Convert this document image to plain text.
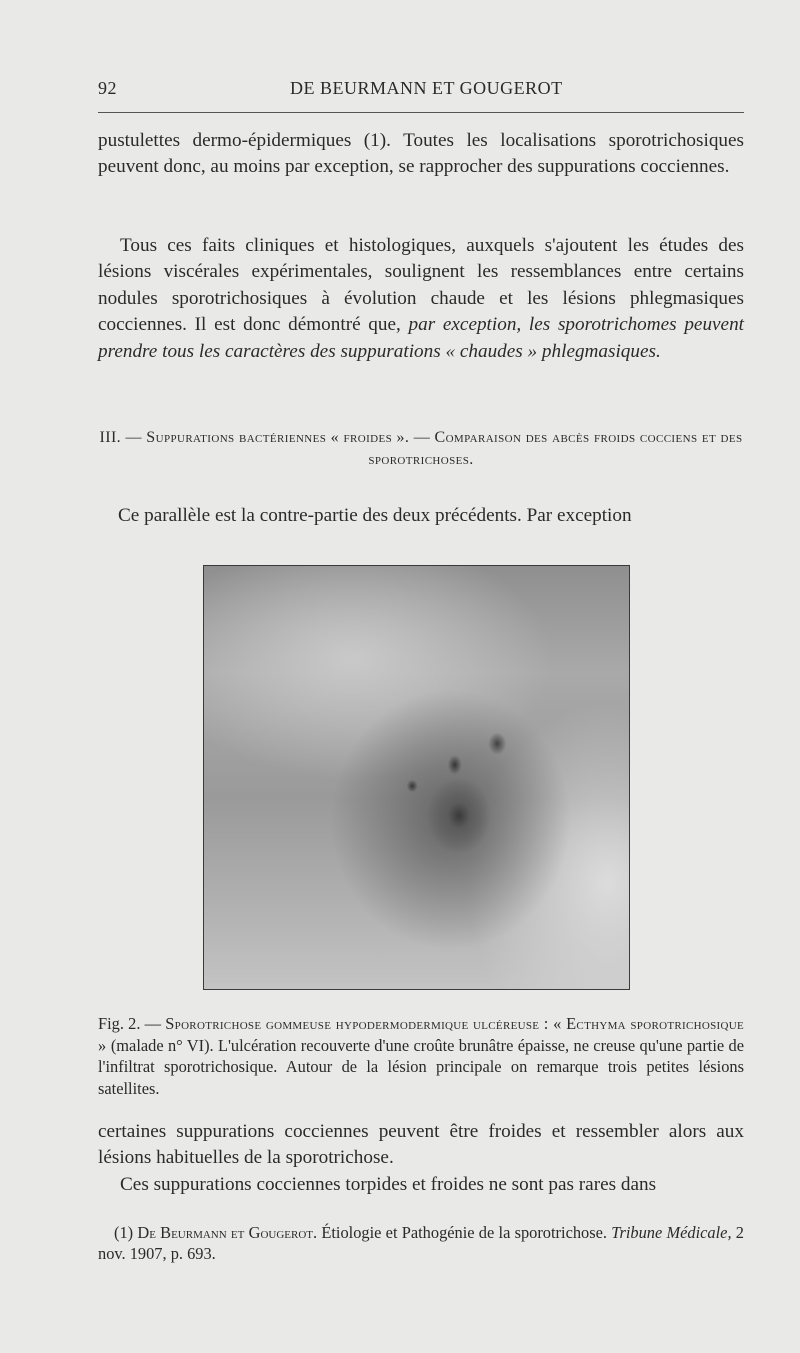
92	DE BEURMANN ET GOUGEROT

pustulettes dermo-épidermiques (1). Toutes les localisations sporotrichosiques peuvent donc, au moins par exception, se rapprocher des suppurations cocciennes.

Tous ces faits cliniques et histologiques, auxquels s'ajoutent les études des lésions viscérales expérimentales, soulignent les ressemblances entre certains nodules sporotrichosiques à évolution chaude et les lésions phlegmasiques cocciennes. Il est donc démontré que, par exception, les sporotrichomes peuvent prendre tous les caractères des suppurations « chaudes » phlegmasiques.

III. — Suppurations bactériennes « froides ». — Comparaison des abcès froids cocciens et des sporotrichoses.

Ce parallèle est la contre-partie des deux précédents. Par exception

Fig. 2. — Sporotrichose gommeuse hypodermodermique ulcéreuse : « Ecthyma sporotrichosique » (malade n° VI). L'ulcération recouverte d'une croûte brunâtre épaisse, ne creuse qu'une partie de l'infiltrat sporotrichosique. Autour de la lésion principale on remarque trois petites lésions satellites.

certaines suppurations cocciennes peuvent être froides et ressembler alors aux lésions habituelles de la sporotrichose.

Ces suppurations cocciennes torpides et froides ne sont pas rares dans

(1) De Beurmann et Gougerot. Étiologie et Pathogénie de la sporotrichose. Tribune Médicale, 2 nov. 1907, p. 693.
